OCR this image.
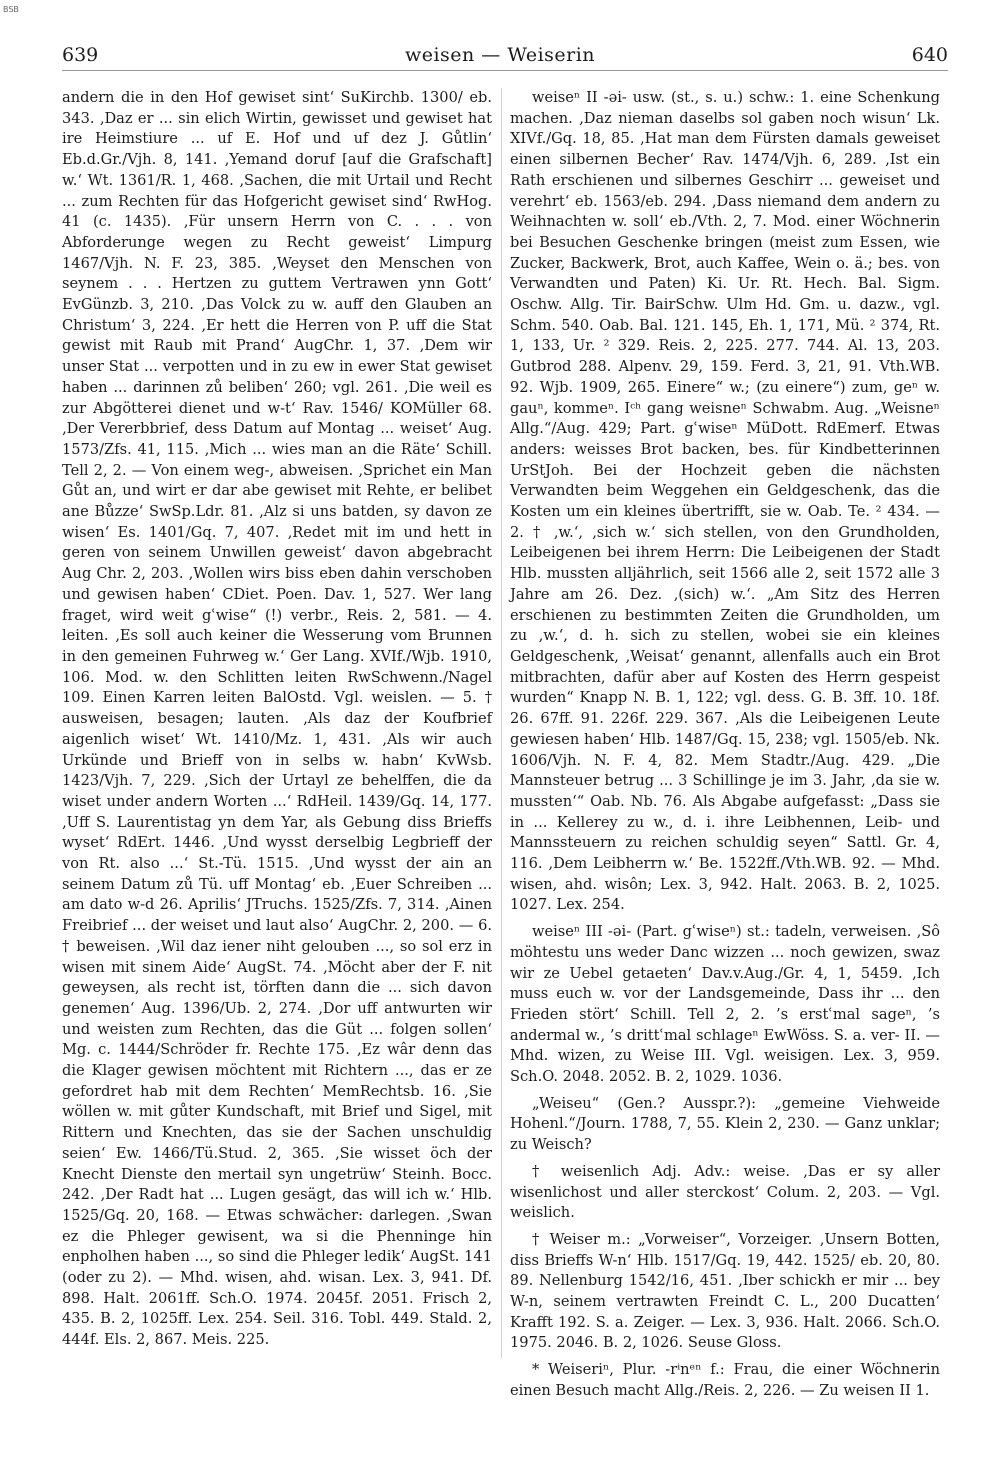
BSB
639	weisen — Weiserin	640

andern die in den Hof gewiset sint‘ SuKirchb. 1300/ eb. 343. ‚Daz er ... sin elich Wirtin, gewisset und gewiset hat ire Heimstiure ... uf E. Hof und uf dez J. Gůtlin‘ Eb.d.Gr./Vjh. 8, 141. ‚Yemand doruf [auf die Grafschaft] w.‘ Wt. 1361/R. 1, 468. ‚Sachen, die mit Urtail und Recht ... zum Rechten für das Hofgericht gewiset sind‘ RwHog. 41 (c. 1435). ‚Für unsern Herrn von C. . . . von Abforderunge wegen zu Recht geweist‘ Limpurg 1467/Vjh. N. F. 23, 385. ‚Weyset den Menschen von seynem . . . Hertzen zu guttem Vertrawen ynn Gott‘ EvGünzb. 3, 210. ‚Das Volck zu w. auff den Glauben an Christum‘ 3, 224. ‚Er hett die Herren von P. uff die Stat gewist mit Raub mit Prand‘ AugChr. 1, 37. ‚Dem wir unser Stat ... verpotten und in zu ew in ewer Stat gewiset haben ... darinnen zů beliben‘ 260; vgl. 261. ‚Die weil es zur Abgötterei dienet und w-t‘ Rav. 1546/ KOMüller 68. ‚Der Vererbbrief, dess Datum auf Montag ... weiset‘ Aug. 1573/Zfs. 41, 115. ‚Mich ... wies man an die Räte‘ Schill. Tell 2, 2. — Von einem weg-, abweisen. ‚Sprichet ein Man Gůt an, und wirt er dar abe gewiset mit Rehte, er belibet ane Bůzze‘ SwSp.Ldr. 81. ‚Alz si uns batden, sy davon ze wisen‘ Es. 1401/Gq. 7, 407. ‚Redet mit im und hett in geren von seinem Unwillen geweist‘ davon abgebracht Aug Chr. 2, 203. ‚Wollen wirs biss eben dahin verschoben und gewisen haben‘ CDiet. Poen. Dav. 1, 527. Wer lang fraget, wird weit gʿwise“ (!) verbr., Reis. 2, 581. — 4. leiten. ‚Es soll auch keiner die Wesserung vom Brunnen in den gemeinen Fuhrweg w.‘ Ger Lang. XVIf./Wjb. 1910, 106. Mod. w. den Schlitten leiten RwSchwenn./Nagel 109. Einen Karren leiten BalOstd. Vgl. weislen. — 5. † ausweisen, besagen; lauten. ‚Als daz der Koufbrief aigenlich wiset‘ Wt. 1410/Mz. 1, 431. ‚Als wir auch Urkünde und Brieff von in selbs w. habn‘ KvWsb. 1423/Vjh. 7, 229. ‚Sich der Urtayl ze behelffen, die da wiset under andern Worten ...‘ RdHeil. 1439/Gq. 14, 177. ‚Uff S. Laurentistag yn dem Yar, als Gebung diss Brieffs wyset‘ RdErt. 1446. ‚Und wysst derselbig Legbrieff der von Rt. also ...‘ St.-Tü. 1515. ‚Und wysst der ain an seinem Datum zů Tü. uff Montag‘ eb. ‚Euer Schreiben ... am dato w-d 26. Aprilis‘ JTruchs. 1525/Zfs. 7, 314. ‚Ainen Freibrief ... der weiset und laut also‘ AugChr. 2, 200. — 6. † beweisen. ‚Wil daz iener niht gelouben ..., so sol erz in wisen mit sinem Aide‘ AugSt. 74. ‚Möcht aber der F. nit geweysen, als recht ist, törften dann die ... sich davon genemen‘ Aug. 1396/Ub. 2, 274. ‚Dor uff antwurten wir und weisten zum Rechten, das die Güt ... folgen sollen‘ Mg. c. 1444/Schröder fr. Rechte 175. ‚Ez wâr denn das die Klager gewisen möchtent mit Richtern ..., das er ze gefordret hab mit dem Rechten‘ MemRechtsb. 16. ‚Sie wöllen w. mit gůter Kundschaft, mit Brief und Sigel, mit Rittern und Knechten, das sie der Sachen unschuldig seien‘ Ew. 1466/Tü.Stud. 2, 365. ‚Sie wisset öch der Knecht Dienste den mertail syn ungetrüw‘ Steinh. Bocc. 242. ‚Der Radt hat ... Lugen gesägt, das will ich w.‘ Hlb. 1525/Gq. 20, 168. — Etwas schwächer: darlegen. ‚Swan ez die Phleger gewisent, wa si die Phenninge hin enpholhen haben ..., so sind die Phleger ledik‘ AugSt. 141 (oder zu 2). — Mhd. wisen, ahd. wisan. Lex. 3, 941. Df. 898. Halt. 2061ff. Sch.O. 1974. 2045f. 2051. Frisch 2, 435. B. 2, 1025ff. Lex. 254. Seil. 316. Tobl. 449. Stald. 2, 444f. Els. 2, 867. Meis. 225.

weiseⁿ II -əi- usw. (st., s. u.) schw.: 1. eine Schenkung machen. ‚Daz nieman daselbs sol gaben noch wisun‘ Lk. XIVf./Gq. 18, 85. ‚Hat man dem Fürsten damals geweiset einen silbernen Becher‘ Rav. 1474/Vjh. 6, 289. ‚Ist ein Rath erschienen und silbernes Geschirr ... geweiset und verehrt‘ eb. 1563/eb. 294. ‚Dass niemand dem andern zu Weihnachten w. soll‘ eb./Vth. 2, 7. Mod. einer Wöchnerin bei Besuchen Geschenke bringen (meist zum Essen, wie Zucker, Backwerk, Brot, auch Kaffee, Wein o. ä.; bes. von Verwandten und Paten) Ki. Ur. Rt. Hech. Bal. Sigm. Oschw. Allg. Tir. BairSchw. Ulm Hd. Gm. u. dazw., vgl. Schm. 540. Oab. Bal. 121. 145, Eh. 1, 171, Mü. ² 374, Rt. 1, 133, Ur. ² 329. Reis. 2, 225. 277. 744. Al. 13, 203. Gutbrod 288. Alpenv. 29, 159. Ferd. 3, 21, 91. Vth.WB. 92. Wjb. 1909, 265. Einere“ w.; (zu einere“) zum, geⁿ w. gauⁿ, kommeⁿ. Iᶜʰ gang weisneⁿ Schwabm. Aug. „Weisneⁿ Allg.“/Aug. 429; Part. gʿwiseⁿ MüDott. RdEmerf. Etwas anders: weisses Brot backen, bes. für Kindbetterinnen UrStJoh. Bei der Hochzeit geben die nächsten Verwandten beim Weggehen ein Geldgeschenk, das die Kosten um ein kleines übertrifft, sie w. Oab. Te. ² 434. — 2. † ‚w.‘, ‚sich w.‘ sich stellen, von den Grundholden, Leibeigenen bei ihrem Herrn: Die Leibeigenen der Stadt Hlb. mussten alljährlich, seit 1566 alle 2, seit 1572 alle 3 Jahre am 26. Dez. ‚(sich) w.‘. „Am Sitz des Herren erschienen zu bestimmten Zeiten die Grundholden, um zu ‚w.‘, d. h. sich zu stellen, wobei sie ein kleines Geldgeschenk, ‚Weisat‘ genannt, allenfalls auch ein Brot mitbrachten, dafür aber auf Kosten des Herrn gespeist wurden“ Knapp N. B. 1, 122; vgl. dess. G. B. 3ff. 10. 18f. 26. 67ff. 91. 226f. 229. 367. ‚Als die Leibeigenen Leute gewiesen haben‘ Hlb. 1487/Gq. 15, 238; vgl. 1505/eb. Nk. 1606/Vjh. N. F. 4, 82. Mem Stadtr./Aug. 429. „Die Mannsteuer betrug ... 3 Schillinge je im 3. Jahr, ‚da sie w. mussten‘“ Oab. Nb. 76. Als Abgabe aufgefasst: „Dass sie in ... Kellerey zu w., d. i. ihre Leibhennen, Leib- und Mannssteuern zu reichen schuldig seyen“ Sattl. Gr. 4, 116. ‚Dem Leibherrn w.‘ Be. 1522ff./Vth.WB. 92. — Mhd. wisen, ahd. wisôn; Lex. 3, 942. Halt. 2063. B. 2, 1025. 1027. Lex. 254.

weiseⁿ III -əi- (Part. gʿwiseⁿ) st.: tadeln, verweisen. ‚Sô möhtestu uns weder Danc wizzen ... noch gewizen, swaz wir ze Uebel getaeten‘ Dav.v.Aug./Gr. 4, 1, 5459. ‚Ich muss euch w. vor der Landsgemeinde, Dass ihr ... den Frieden stört‘ Schill. Tell 2, 2. ’s erstʿmal sageⁿ, ’s andermal w., ’s drittʿmal schlageⁿ EwWöss. S. a. ver- II. — Mhd. wizen, zu Weise III. Vgl. weisigen. Lex. 3, 959. Sch.O. 2048. 2052. B. 2, 1029. 1036.

„Weiseu“ (Gen.? Ausspr.?): „gemeine Viehweide Hohenl.“/Journ. 1788, 7, 55. Klein 2, 230. — Ganz unklar; zu Weisch?

† weisenlich Adj. Adv.: weise. ‚Das er sy aller wisenlichost und aller sterckost‘ Colum. 2, 203. — Vgl. weislich.

† Weiser m.: „Vorweiser“, Vorzeiger. ‚Unsern Botten, diss Brieffs W-n‘ Hlb. 1517/Gq. 19, 442. 1525/ eb. 20, 80. 89. Nellenburg 1542/16, 451. ‚Iber schickh er mir ... bey W-n, seinem vertrawten Freindt C. L., 200 Ducatten‘ Krafft 192. S. a. Zeiger. — Lex. 3, 936. Halt. 2066. Sch.O. 1975. 2046. B. 2, 1026. Seuse Gloss.

* Weiseriⁿ, Plur. -rⁱnᵉⁿ f.: Frau, die einer Wöchnerin einen Besuch macht Allg./Reis. 2, 226. — Zu weisen II 1.
